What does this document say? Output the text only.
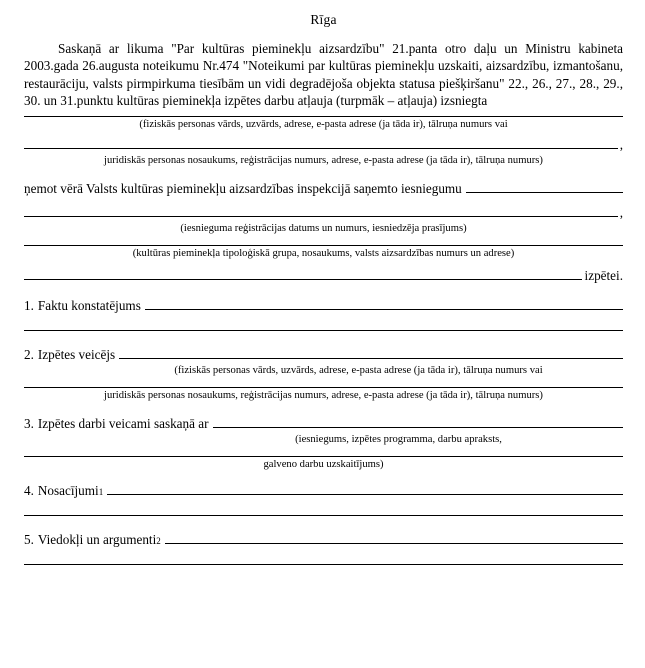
Rīga

Saskaņā ar likuma "Par kultūras pieminekļu aizsardzību" 21.panta otro daļu un Ministru kabineta 2003.gada 26.augusta noteikumu Nr.474 "Noteikumi par kultūras pieminekļu uzskaiti, aizsardzību, izmantošanu, restaurāciju, valsts pirmpirkuma tiesībām un vidi degradējoša objekta statusa piešķiršanu" 22., 26., 27., 28., 29., 30. un 31.punktu kultūras pieminekļa izpētes darbu atļauja (turpmāk – atļauja) izsniegta

(fiziskās personas vārds, uzvārds, adrese, e-pasta adrese (ja tāda ir), tālruņa numurs vai
,
juridiskās personas nosaukums, reģistrācijas numurs, adrese, e-pasta adrese (ja tāda ir), tālruņa numurs)
ņemot vērā Valsts kultūras pieminekļu aizsardzības inspekcijā saņemto iesniegumu
,
(iesnieguma reģistrācijas datums un numurs, iesniedzēja prasījums)
(kultūras pieminekļa tipoloģiskā grupa, nosaukums, valsts aizsardzības numurs un adrese)
izpētei.
1. Faktu konstatējums
2. Izpētes veicējs
(fiziskās personas vārds, uzvārds, adrese, e-pasta adrese (ja tāda ir), tālruņa numurs vai
juridiskās personas nosaukums, reģistrācijas numurs, adrese, e-pasta adrese (ja tāda ir), tālruņa numurs)
3. Izpētes darbi veicami saskaņā ar
(iesniegums, izpētes programma, darbu apraksts,
galveno darbu uzskaitījums)
4. Nosacījumi 1
5. Viedokļi un argumenti 2
